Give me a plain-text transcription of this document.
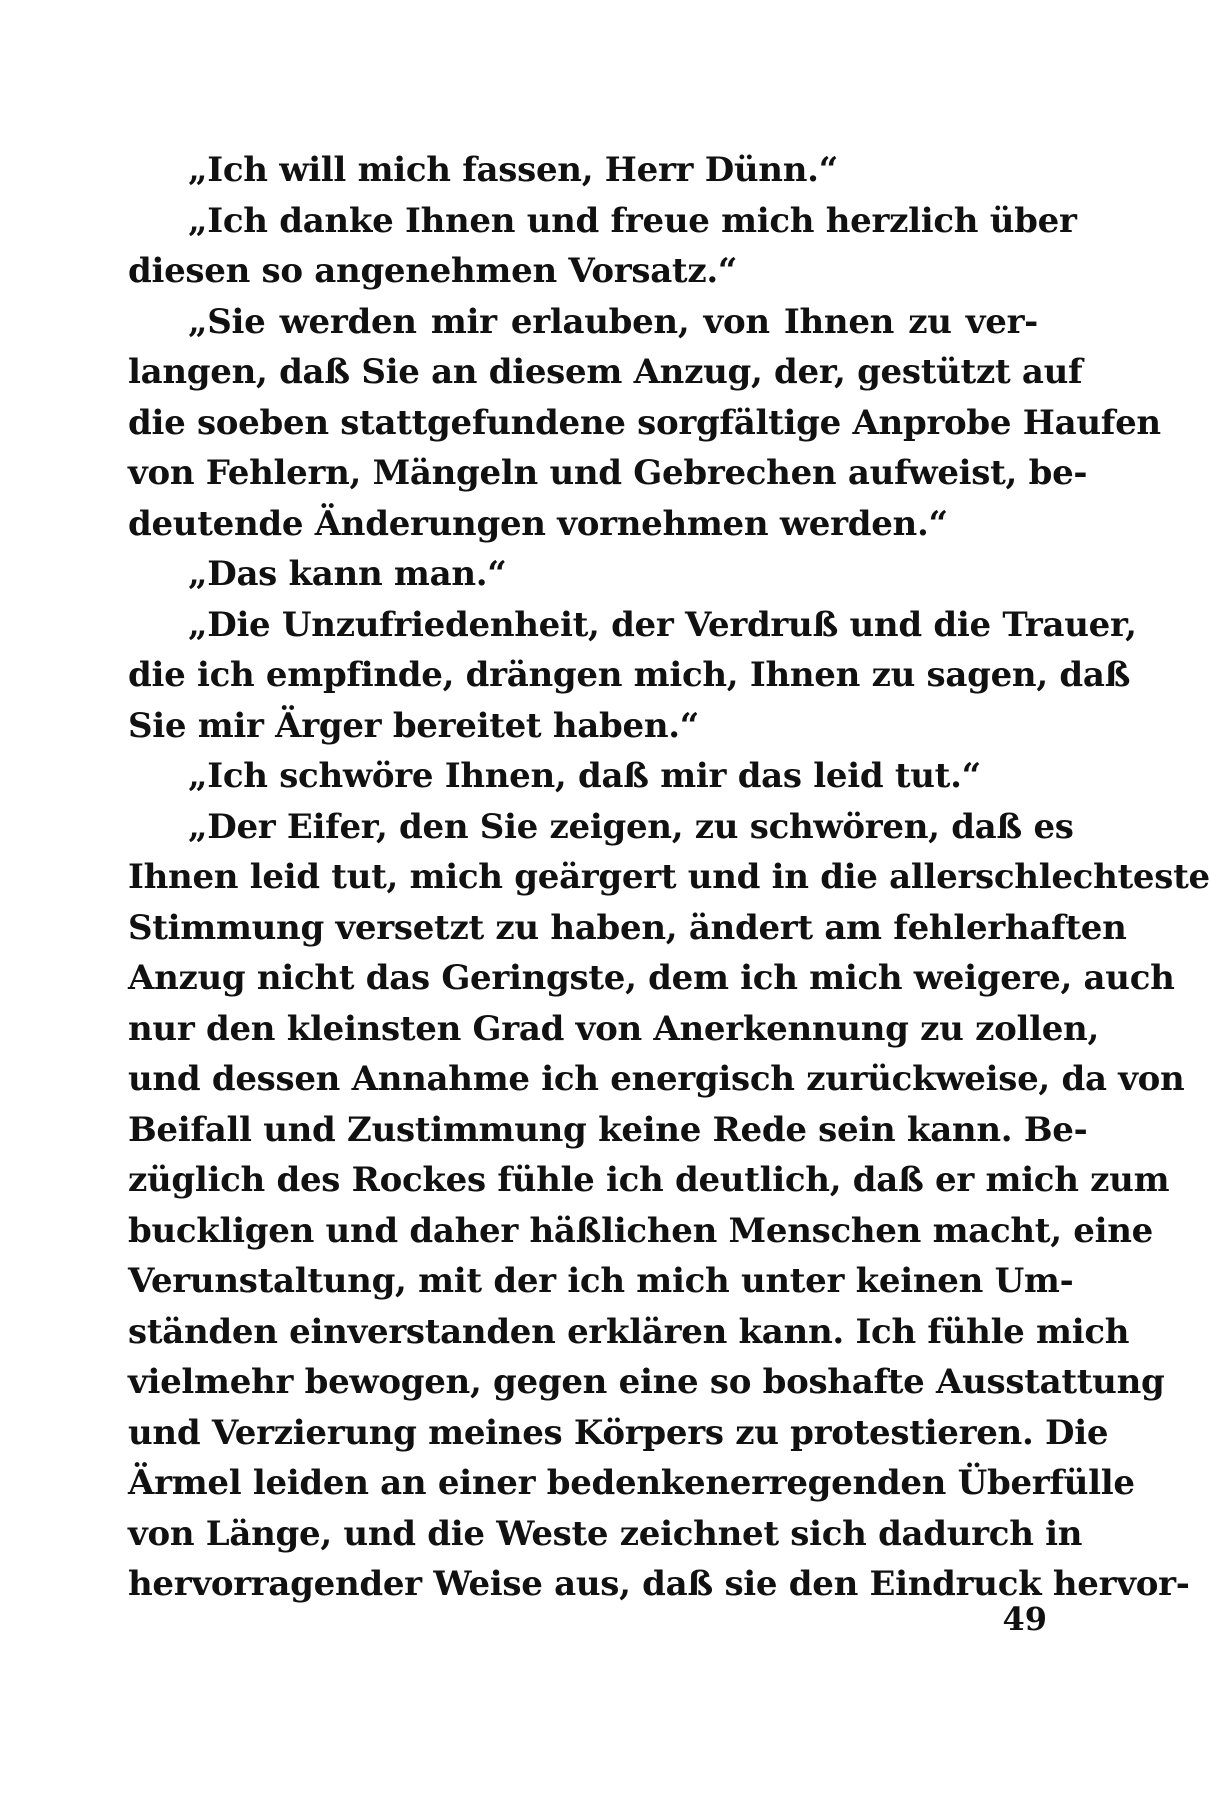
„Ich will mich fassen, Herr Dünn.“
„Ich danke Ihnen und freue mich herzlich über
diesen so angenehmen Vorsatz.“
„Sie werden mir erlauben, von Ihnen zu ver-
langen, daß Sie an diesem Anzug, der, gestützt auf
die soeben stattgefundene sorgfältige Anprobe Haufen
von Fehlern, Mängeln und Gebrechen aufweist, be-
deutende Änderungen vornehmen werden.“
„Das kann man.“
„Die Unzufriedenheit, der Verdruß und die Trauer,
die ich empfinde, drängen mich, Ihnen zu sagen, daß
Sie mir Ärger bereitet haben.“
„Ich schwöre Ihnen, daß mir das leid tut.“
„Der Eifer, den Sie zeigen, zu schwören, daß es
Ihnen leid tut, mich geärgert und in die allerschlechteste
Stimmung versetzt zu haben, ändert am fehlerhaften
Anzug nicht das Geringste, dem ich mich weigere, auch
nur den kleinsten Grad von Anerkennung zu zollen,
und dessen Annahme ich energisch zurückweise, da von
Beifall und Zustimmung keine Rede sein kann. Be-
züglich des Rockes fühle ich deutlich, daß er mich zum
buckligen und daher häßlichen Menschen macht, eine
Verunstaltung, mit der ich mich unter keinen Um-
ständen einverstanden erklären kann. Ich fühle mich
vielmehr bewogen, gegen eine so boshafte Ausstattung
und Verzierung meines Körpers zu protestieren. Die
Ärmel leiden an einer bedenkenerregenden Überfülle
von Länge, und die Weste zeichnet sich dadurch in
hervorragender Weise aus, daß sie den Eindruck hervor-
49
